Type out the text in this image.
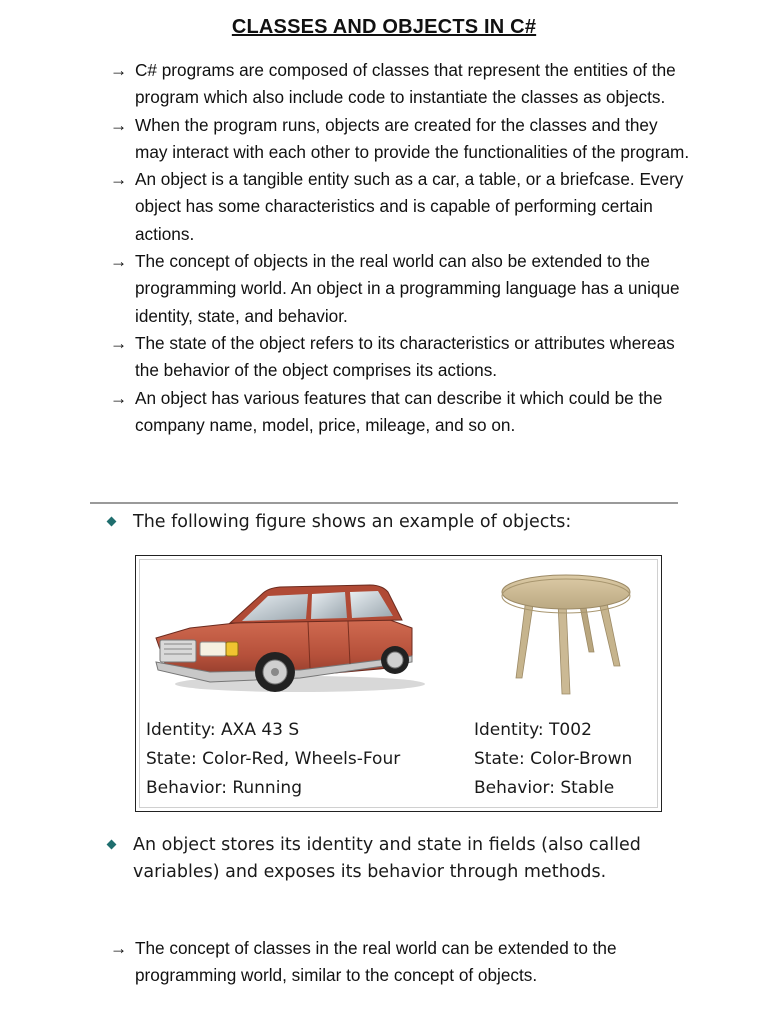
CLASSES AND OBJECTS IN C#
→ C# programs are composed of classes that represent the entities of the program which also include code to instantiate the classes as objects.
→ When the program runs, objects are created for the classes and they may interact with each other to provide the functionalities of the program.
→ An object is a tangible entity such as a car, a table, or a briefcase. Every object has some characteristics and is capable of performing certain actions.
→ The concept of objects in the real world can also be extended to the programming world. An object in a programming language has a unique identity, state, and behavior.
→ The state of the object refers to its characteristics or attributes whereas the behavior of the object comprises its actions.
→ An object has various features that can describe it which could be the company name, model, price, mileage, and so on.
The following figure shows an example of objects:
Identity: AXA 43 S
State: Color-Red, Wheels-Four
Behavior: Running
Identity: T002
State: Color-Brown
Behavior: Stable
An object stores its identity and state in fields (also called variables) and exposes its behavior through methods.
→ The concept of classes in the real world can be extended to the programming world, similar to the concept of objects.
